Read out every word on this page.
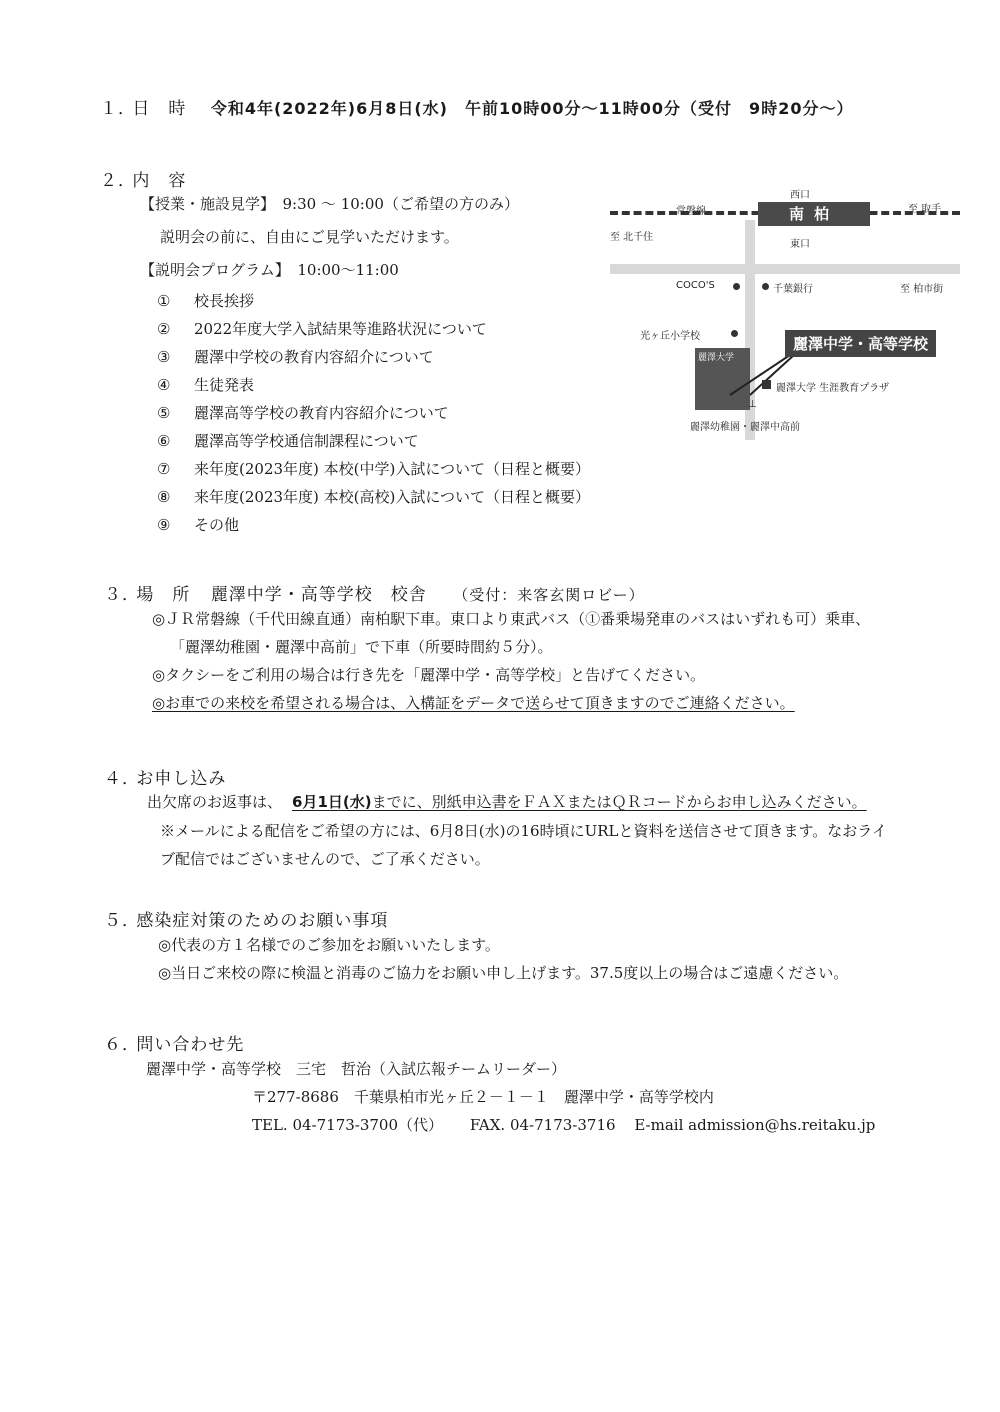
１． 日　時 令和4年(2022年)6月8日(水)　午前10時00分～11時00分（受付　9時20分～）
２． 内　容
【授業・施設見学】　9:30 ～ 10:00（ご希望の方のみ）
説明会の前に、自由にご見学いただけます。
【説明会プログラム】　10:00～11:00
① 校長挨拶
② 2022年度大学入試結果等進路状況について
③ 麗澤中学校の教育内容紹介について
④ 生徒発表
⑤ 麗澤高等学校の教育内容紹介について
⑥ 麗澤高等学校通信制課程について
⑦ 来年度(2023年度) 本校(中学)入試について（日程と概要）
⑧ 来年度(2023年度) 本校(高校)入試について（日程と概要）
⑨ その他
南柏
西口
東口
常磐線	至 取手
至 北千住
COCO'S	千葉銀行	至 柏市街
光ヶ丘小学校
麗澤大学
麗澤中学・高等学校
麗澤大学 生涯教育プラザ
⊥
麗澤幼稚園・麗澤中高前
３． 場　所 麗澤中学・高等学校　校舎 （受付：来客玄関ロビー）
◎ＪＲ常磐線（千代田線直通）南柏駅下車。東口より東武バス（①番乗場発車のバスはいずれも可）乗車、
「麗澤幼稚園・麗澤中高前」で下車（所要時間約５分）。
◎タクシーをご利用の場合は行き先を「麗澤中学・高等学校」と告げてください。
◎お車での来校を希望される場合は、入構証をデータで送らせて頂きますのでご連絡ください。
４． お申し込み
出欠席のお返事は、 6月1日(水)までに、別紙申込書をＦＡＸまたはＱＲコードからお申し込みください。
※メールによる配信をご希望の方には、6月8日(水)の16時頃にURLと資料を送信させて頂きます。なおライ
ブ配信ではございませんので、ご了承ください。
５． 感染症対策のためのお願い事項
◎代表の方１名様でのご参加をお願いいたします。
◎当日ご来校の際に検温と消毒のご協力をお願い申し上げます。37.5度以上の場合はご遠慮ください。
６． 問い合わせ先
麗澤中学・高等学校　三宅　哲治（入試広報チームリーダー）
〒277-8686　千葉県柏市光ヶ丘２－１－１　麗澤中学・高等学校内
TEL. 04-7173-3700（代） FAX. 04-7173-3716 E-mail admission@hs.reitaku.jp
